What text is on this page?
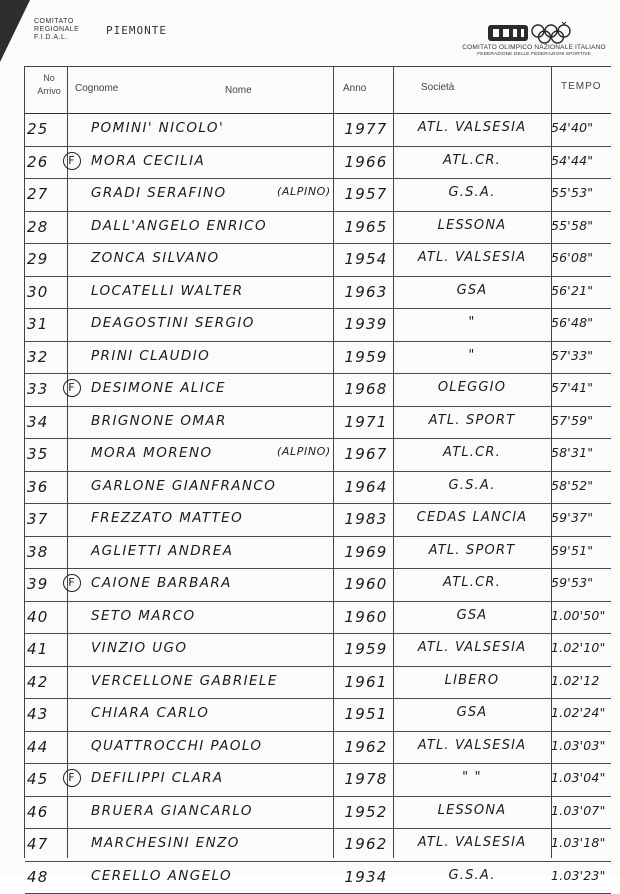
COMITATO
REGIONALE
F.I.D.A.L.
PIEMONTE
COMITATO OLIMPICO NAZIONALE ITALIANO
FEDERAZIONE DELLE FEDERAZIONI SPORTIVE
No
Arrivo	Cognome	Nome	Anno	Società	TEMPO
25	POMINI' NICOLO'	1977	ATL. VALSESIA	54'40"
F
26	MORA CECILIA	1966	ATL.CR.	54'44"
27	GRADI SERAFINO	(ALPINO) 1957	G.S.A.	55'53"
28	DALL'ANGELO ENRICO	1965	LESSONA	55'58"
29	ZONCA SILVANO	1954	ATL. VALSESIA	56'08"
30	LOCATELLI WALTER	1963	GSA	56'21"
31	DEAGOSTINI SERGIO	1939	"	56'48"
32	PRINI CLAUDIO	1959	"	57'33"
F
33	DESIMONE ALICE	1968	OLEGGIO	57'41"
34	BRIGNONE OMAR	1971	ATL. SPORT	57'59"
35	MORA MORENO	(ALPINO) 1967	ATL.CR.	58'31"
36	GARLONE GIANFRANCO	1964	G.S.A.	58'52"
37	FREZZATO MATTEO	1983	CEDAS LANCIA	59'37"
38	AGLIETTI ANDREA	1969	ATL. SPORT	59'51"
F
39	CAIONE BARBARA	1960	ATL.CR.	59'53"
40	SETO MARCO	1960	GSA	1.00'50"
41	VINZIO UGO	1959	ATL. VALSESIA	1.02'10"
42	VERCELLONE GABRIELE	1961	LIBERO	1.02'12
43	CHIARA CARLO	1951	GSA	1.02'24"
44	QUATTROCCHI PAOLO	1962	ATL. VALSESIA	1.03'03"
F
45	DEFILIPPI CLARA	1978	" "	1.03'04"
46	BRUERA GIANCARLO	1952	LESSONA	1.03'07"
47	MARCHESINI ENZO	1962	ATL. VALSESIA	1.03'18"
48	CERELLO ANGELO	1934	G.S.A.	1.03'23"
